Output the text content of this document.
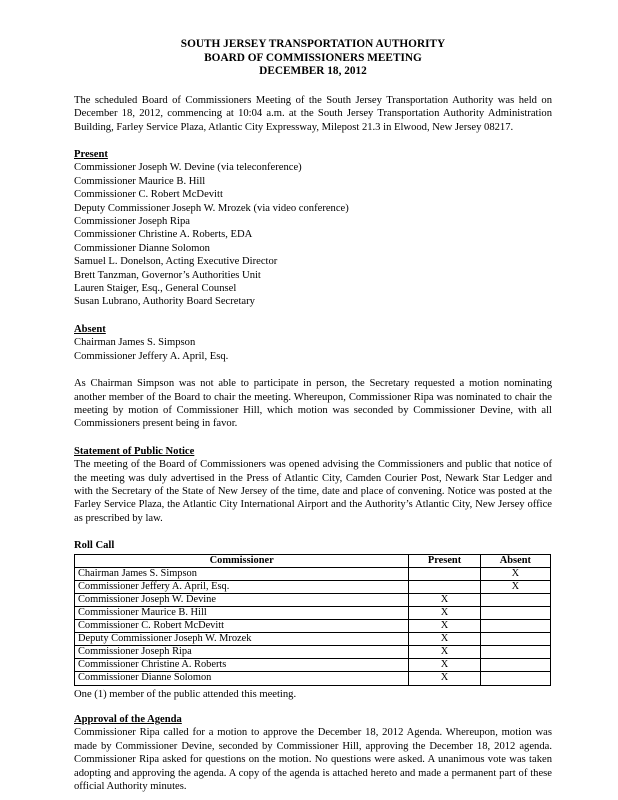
SOUTH JERSEY TRANSPORTATION AUTHORITY
BOARD OF COMMISSIONERS MEETING
DECEMBER 18, 2012

The scheduled Board of Commissioners Meeting of the South Jersey Transportation Authority was held on December 18, 2012, commencing at 10:04 a.m. at the South Jersey Transportation Authority Administration Building, Farley Service Plaza, Atlantic City Expressway, Milepost 21.3 in Elwood, New Jersey 08217.

Present
Commissioner Joseph W. Devine (via teleconference)
Commissioner Maurice B. Hill
Commissioner C. Robert McDevitt
Deputy Commissioner Joseph W. Mrozek (via video conference)
Commissioner Joseph Ripa
Commissioner Christine A. Roberts, EDA
Commissioner Dianne Solomon
Samuel L. Donelson, Acting Executive Director
Brett Tanzman, Governor’s Authorities Unit
Lauren Staiger, Esq., General Counsel
Susan Lubrano, Authority Board Secretary
Absent
Chairman James S. Simpson
Commissioner Jeffery A. April, Esq.

As Chairman Simpson was not able to participate in person, the Secretary requested a motion nominating another member of the Board to chair the meeting. Whereupon, Commissioner Ripa was nominated to chair the meeting by motion of Commissioner Hill, which motion was seconded by Commissioner Devine, with all Commissioners present being in favor.

Statement of Public Notice

The meeting of the Board of Commissioners was opened advising the Commissioners and public that notice of the meeting was duly advertised in the Press of Atlantic City, Camden Courier Post, Newark Star Ledger and with the Secretary of the State of New Jersey of the time, date and place of convening. Notice was posted at the Farley Service Plaza, the Atlantic City International Airport and the Authority’s Atlantic City, New Jersey office as prescribed by law.

Roll Call
Commissioner	Present	Absent
Chairman James S. Simpson		X
Commissioner Jeffery A. April, Esq.		X
Commissioner Joseph W. Devine	X	
Commissioner Maurice B. Hill	X	
Commissioner C. Robert McDevitt	X	
Deputy Commissioner Joseph W. Mrozek	X	
Commissioner Joseph Ripa	X	
Commissioner Christine A. Roberts	X	
Commissioner Dianne Solomon	X	
One (1) member of the public attended this meeting.
Approval of the Agenda

Commissioner Ripa called for a motion to approve the December 18, 2012 Agenda. Whereupon, motion was made by Commissioner Devine, seconded by Commissioner Hill, approving the December 18, 2012 agenda. Commissioner Ripa asked for questions on the motion. No questions were asked. A unanimous vote was taken adopting and approving the agenda. A copy of the agenda is attached hereto and made a permanent part of these official Authority minutes.
